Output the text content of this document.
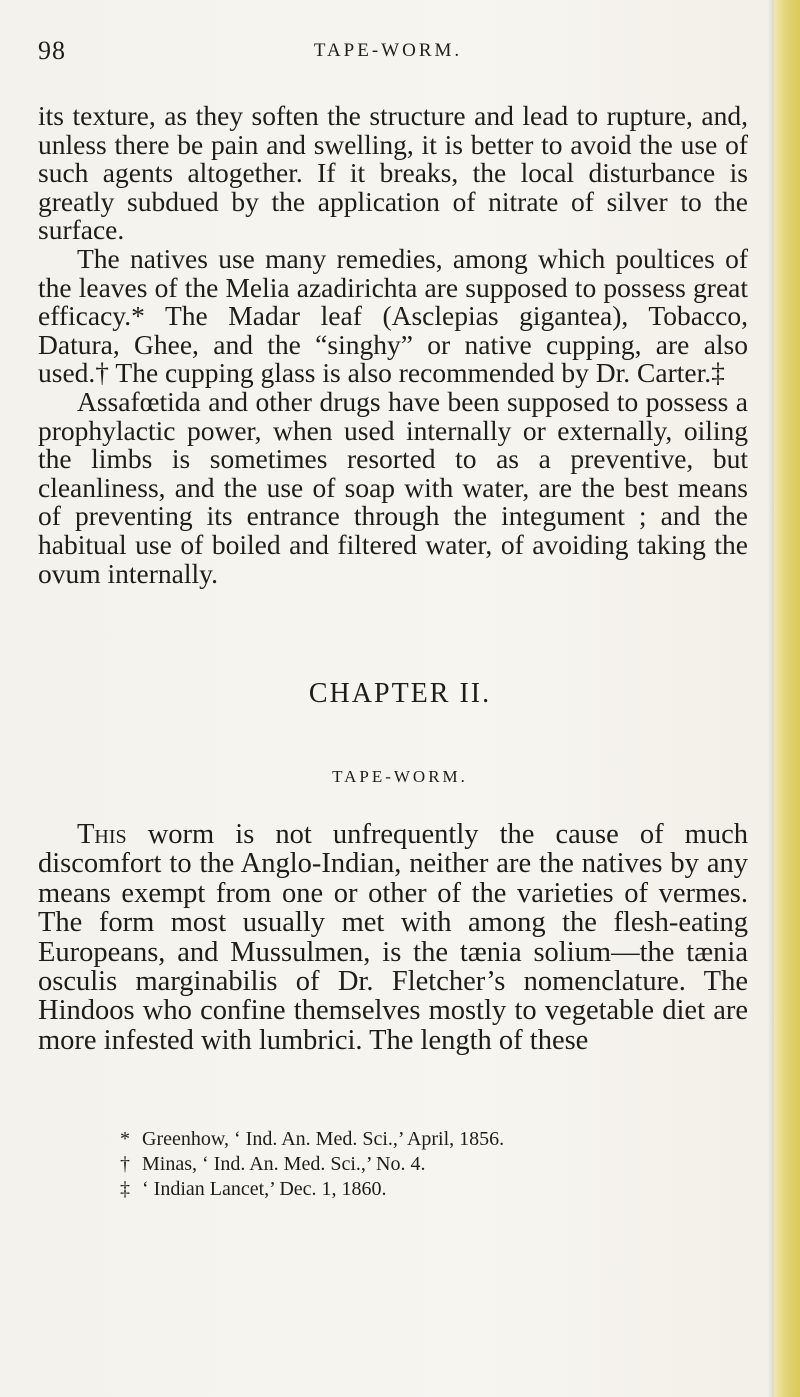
98	TAPE-WORM.

its texture, as they soften the structure and lead to rupture, and, unless there be pain and swelling, it is better to avoid the use of such agents altogether. If it breaks, the local disturbance is greatly subdued by the application of nitrate of silver to the surface.

The natives use many remedies, among which poultices of the leaves of the Melia azadirichta are supposed to possess great efficacy.* The Madar leaf (Asclepias gigantea), Tobacco, Datura, Ghee, and the “singhy” or native cupping, are also used.† The cupping glass is also recommended by Dr. Carter.‡

Assafœtida and other drugs have been supposed to possess a prophylactic power, when used internally or externally, oiling the limbs is sometimes resorted to as a preventive, but cleanliness, and the use of soap with water, are the best means of preventing its entrance through the integument ; and the habitual use of boiled and filtered water, of avoiding taking the ovum internally.

CHAPTER II.
TAPE-WORM.

This worm is not unfrequently the cause of much discomfort to the Anglo-Indian, neither are the natives by any means exempt from one or other of the varieties of vermes. The form most usually met with among the flesh-eating Europeans, and Mussulmen, is the tænia solium—the tænia osculis marginabilis of Dr. Fletcher’s nomenclature. The Hindoos who confine themselves mostly to vegetable diet are more infested with lumbrici. The length of these

* Greenhow, ‘ Ind. An. Med. Sci.,’ April, 1856.
† Minas, ‘ Ind. An. Med. Sci.,’ No. 4.
‡ ‘ Indian Lancet,’ Dec. 1, 1860.
